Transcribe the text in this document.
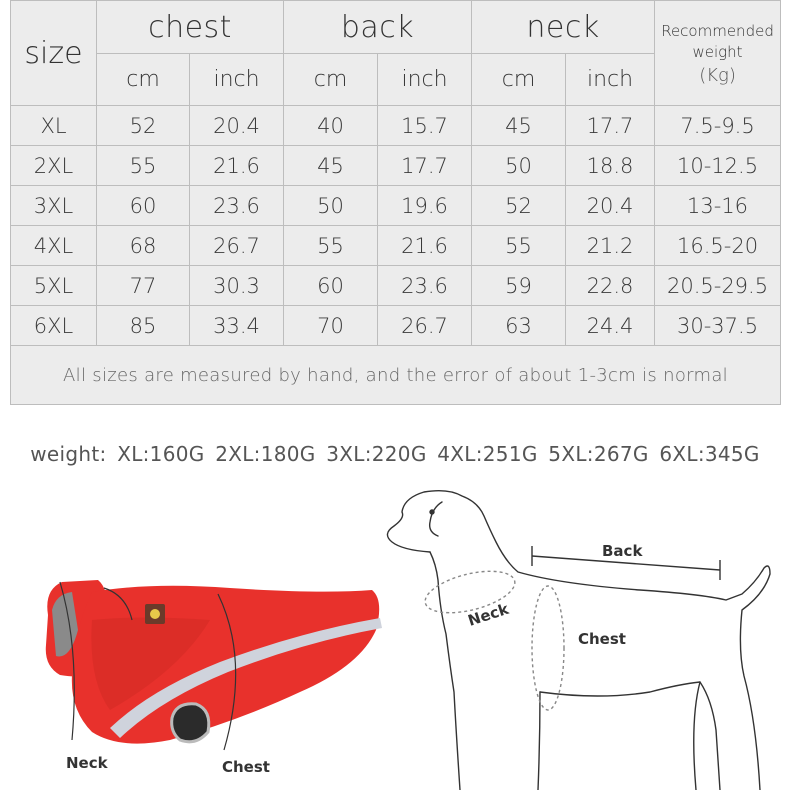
size	chest		back		neck		Recommended
weight
(Kg)

	cm	inch	cm	inch	cm	inch	
XL	52	20.4	40	15.7	45	17.7	7.5-9.5
2XL	55	21.6	45	17.7	50	18.8	10-12.5
3XL	60	23.6	50	19.6	52	20.4	13-16
4XL	68	26.7	55	21.6	55	21.2	16.5-20
5XL	77	30.3	60	23.6	59	22.8	20.5-29.5
6XL	85	33.4	70	26.7	63	24.4	30-37.5
All sizes are measured by hand, and the error of about 1-3cm is normal							
weight: XL:160G 2XL:180G 3XL:220G 4XL:251G 5XL:267G 6XL:345G
Neck	Chest
Back
Neck
Chest
